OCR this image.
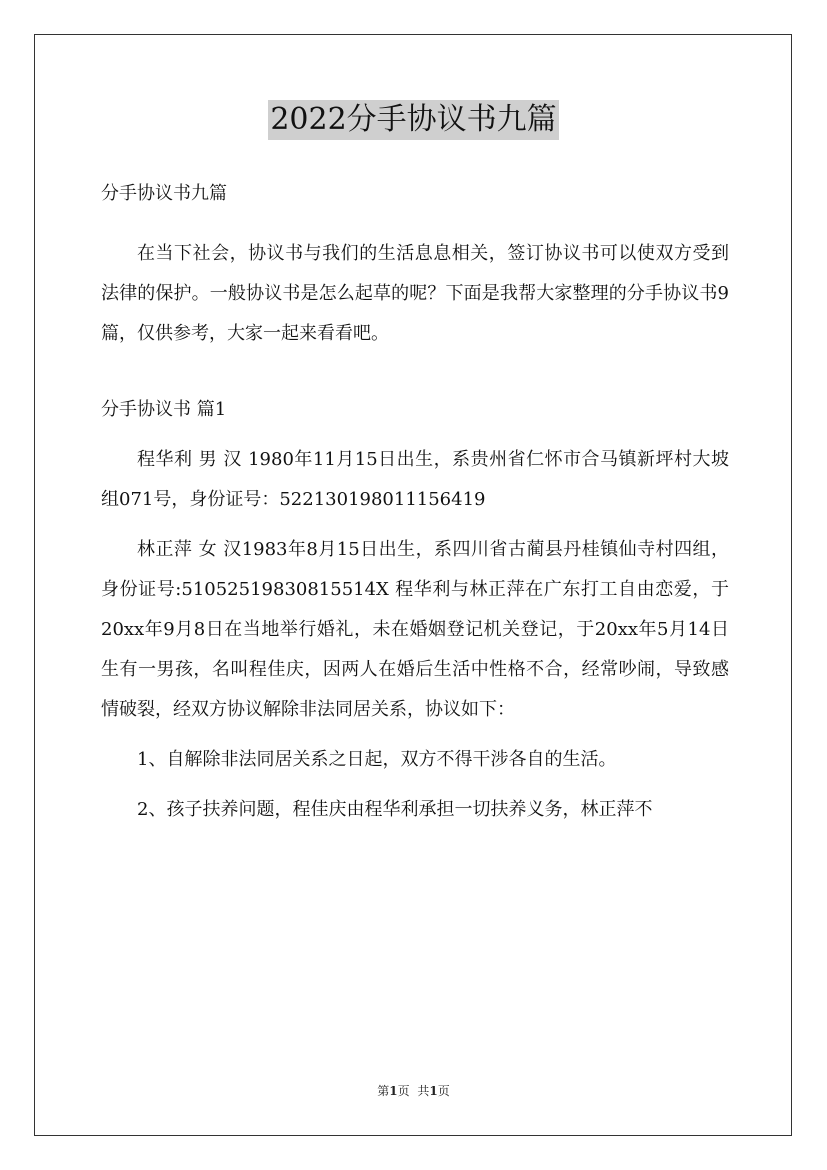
2022分手协议书九篇

分手协议书九篇

在当下社会，协议书与我们的生活息息相关，签订协议书可以使双方受到法律的保护。一般协议书是怎么起草的呢？下面是我帮大家整理的分手协议书9篇，仅供参考，大家一起来看看吧。

分手协议书 篇1

程华利 男 汉 1980年11月15日出生，系贵州省仁怀市合马镇新坪村大坡组071号，身份证号：522130198011156419

林正萍 女 汉1983年8月15日出生，系四川省古蔺县丹桂镇仙寺村四组，身份证号:51052519830815514X 程华利与林正萍在广东打工自由恋爱，于20xx年9月8日在当地举行婚礼，未在婚姻登记机关登记，于20xx年5月14日生有一男孩，名叫程佳庆，因两人在婚后生活中性格不合，经常吵闹，导致感情破裂，经双方协议解除非法同居关系，协议如下：

1、自解除非法同居关系之日起，双方不得干涉各自的生活。

2、孩子扶养问题，程佳庆由程华利承担一切扶养义务，林正萍不

第1页 共1页
